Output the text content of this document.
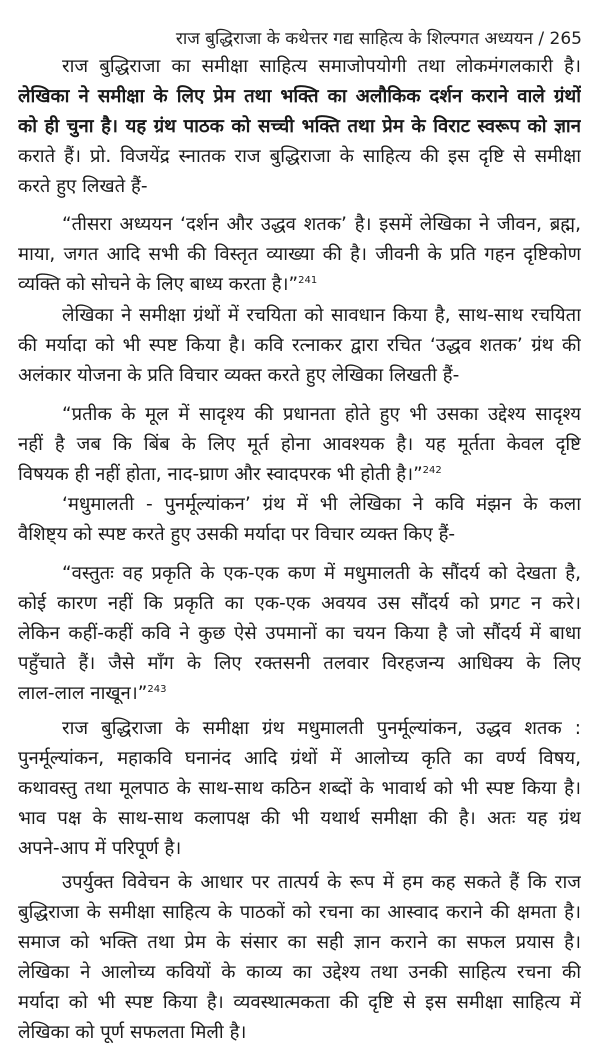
राज बुद्धिराजा के कथेत्तर गद्य साहित्य के शिल्पगत अध्ययन / 265
राज बुद्धिराजा का समीक्षा साहित्य समाजोपयोगी तथा लोकमंगलकारी है।
लेखिका ने समीक्षा के लिए प्रेम तथा भक्ति का अलौकिक दर्शन कराने वाले ग्रंथों
को ही चुना है। यह ग्रंथ पाठक को सच्ची भक्ति तथा प्रेम के विराट स्वरूप को ज्ञान
कराते हैं। प्रो. विजयेंद्र स्नातक राज बुद्धिराजा के साहित्य की इस दृष्टि से समीक्षा
करते हुए लिखते हैं-
“तीसरा अध्ययन ‘दर्शन और उद्धव शतक’ है। इसमें लेखिका ने जीवन, ब्रह्म,
माया, जगत आदि सभी की विस्तृत व्याख्या की है। जीवनी के प्रति गहन दृष्टिकोण
व्यक्ति को सोचने के लिए बाध्य करता है।”$^{241}$
लेखिका ने समीक्षा ग्रंथों में रचयिता को सावधान किया है, साथ-साथ रचयिता
की मर्यादा को भी स्पष्ट किया है। कवि रत्नाकर द्वारा रचित ‘उद्धव शतक’ ग्रंथ की
अलंकार योजना के प्रति विचार व्यक्त करते हुए लेखिका लिखती हैं-
“प्रतीक के मूल में सादृश्य की प्रधानता होते हुए भी उसका उद्देश्य सादृश्य
नहीं है जब कि बिंब के लिए मूर्त होना आवश्यक है। यह मूर्तता केवल दृष्टि
विषयक ही नहीं होता, नाद-घ्राण और स्वादपरक भी होती है।”$^{242}$
‘मधुमालती - पुनर्मूल्यांकन’ ग्रंथ में भी लेखिका ने कवि मंझन के कला
वैशिष्ट्य को स्पष्ट करते हुए उसकी मर्यादा पर विचार व्यक्त किए हैं-
“वस्तुतः वह प्रकृति के एक-एक कण में मधुमालती के सौंदर्य को देखता है,
कोई कारण नहीं कि प्रकृति का एक-एक अवयव उस सौंदर्य को प्रगट न करे।
लेकिन कहीं-कहीं कवि ने कुछ ऐसे उपमानों का चयन किया है जो सौंदर्य में बाधा
पहुँचाते हैं। जैसे माँग के लिए रक्तसनी तलवार विरहजन्य आधिक्य के लिए
लाल-लाल नाखून।”$^{243}$
राज बुद्धिराजा के समीक्षा ग्रंथ मधुमालती पुनर्मूल्यांकन, उद्धव शतक :
पुनर्मूल्यांकन, महाकवि घनानंद आदि ग्रंथों में आलोच्य कृति का वर्ण्य विषय,
कथावस्तु तथा मूलपाठ के साथ-साथ कठिन शब्दों के भावार्थ को भी स्पष्ट किया है।
भाव पक्ष के साथ-साथ कलापक्ष की भी यथार्थ समीक्षा की है। अतः यह ग्रंथ
अपने-आप में परिपूर्ण है।
उपर्युक्त विवेचन के आधार पर तात्पर्य के रूप में हम कह सकते हैं कि राज
बुद्धिराजा के समीक्षा साहित्य के पाठकों को रचना का आस्वाद कराने की क्षमता है।
समाज को भक्ति तथा प्रेम के संसार का सही ज्ञान कराने का सफल प्रयास है।
लेखिका ने आलोच्य कवियों के काव्य का उद्देश्य तथा उनकी साहित्य रचना की
मर्यादा को भी स्पष्ट किया है। व्यवस्थात्मकता की दृष्टि से इस समीक्षा साहित्य में
लेखिका को पूर्ण सफलता मिली है।
